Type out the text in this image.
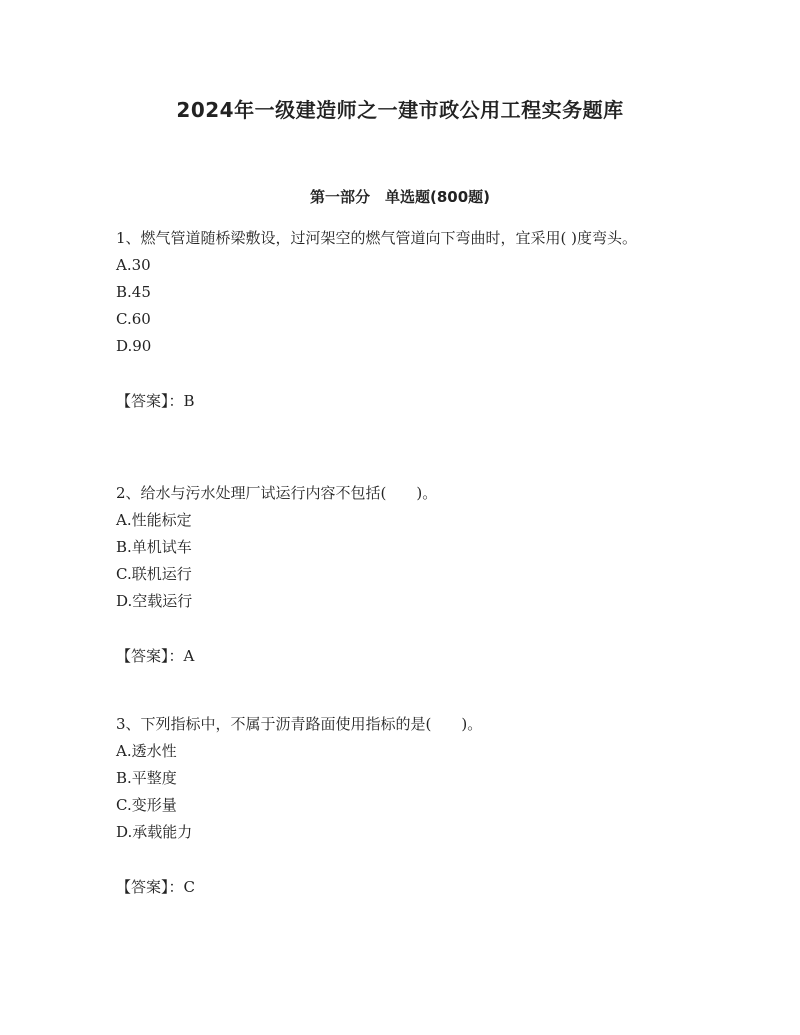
2024年一级建造师之一建市政公用工程实务题库
第一部分　单选题(800题)

1、燃气管道随桥梁敷设，过河架空的燃气管道向下弯曲时，宜采用( )度弯头。

A.30
B.45
C.60
D.90
【答案】：B

2、给水与污水处理厂试运行内容不包括(　　)。

A.性能标定
B.单机试车
C.联机运行
D.空载运行
【答案】：A

3、下列指标中，不属于沥青路面使用指标的是(　　)。

A.透水性
B.平整度
C.变形量
D.承载能力
【答案】：C
